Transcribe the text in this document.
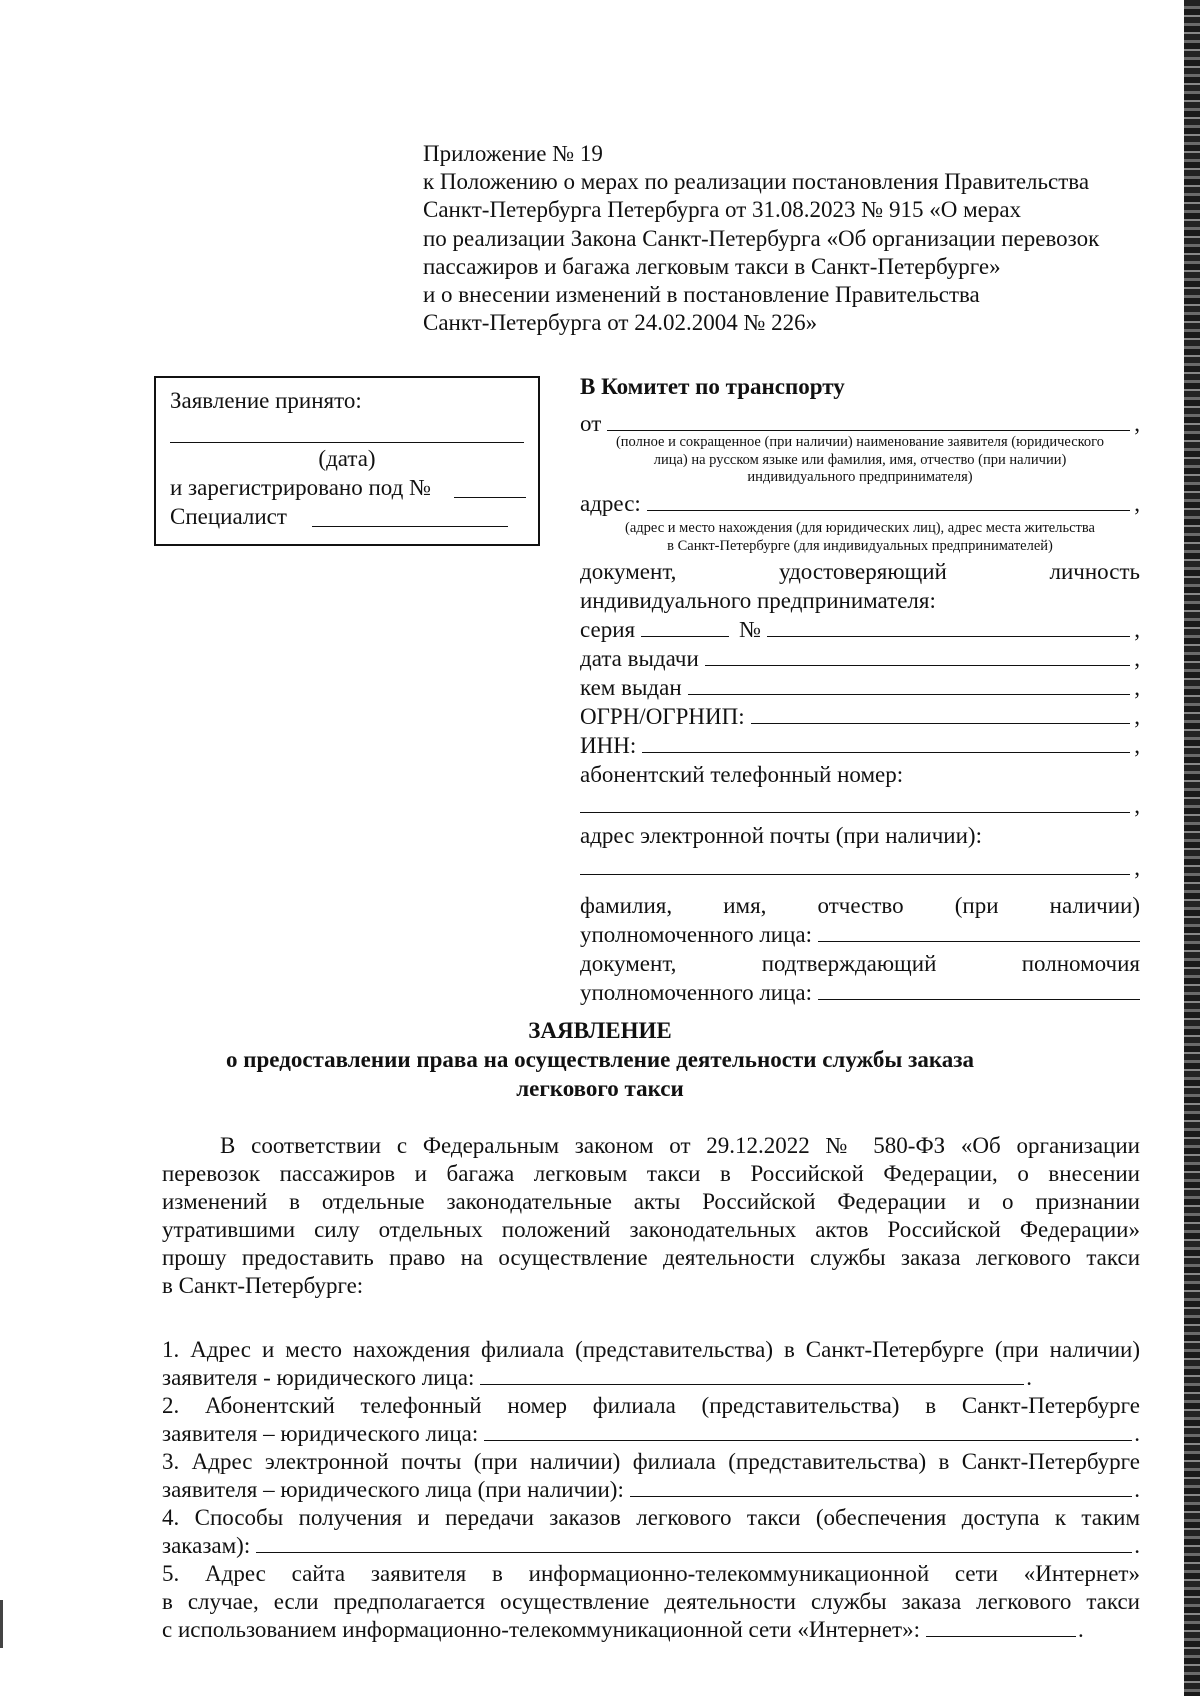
Приложение № 19
к Положению о мерах по реализации постановления Правительства
Санкт-Петербурга Петербурга от 31.08.2023 № 915 «О мерах
по реализации Закона Санкт-Петербурга «Об организации перевозок
пассажиров и багажа легковым такси в Санкт-Петербурге»
и о внесении изменений в постановление Правительства
Санкт-Петербурга от 24.02.2004 № 226»
Заявление принято:
(дата)
и зарегистрировано под №
Специалист
В Комитет по транспорту
от	,
(полное и сокращенное (при наличии) наименование заявителя (юридического
лица) на русском языке или фамилия, имя, отчество (при наличии)
индивидуального предпринимателя)
адрес:	,
(адрес и место нахождения (для юридических лиц), адрес места жительства
в Санкт-Петербурге (для индивидуальных предпринимателей)
документ,	удостоверяющий	личность
индивидуального предпринимателя:
серия	№	,
дата выдачи	,
кем выдан	,
ОГРН/ОГРНИП:	,
ИНН:	,
абонентский телефонный номер:
,
адрес электронной почты (при наличии):
,
фамилия, имя, отчество (при наличии)
уполномоченного лица:
документ,	подтверждающий	полномочия
уполномоченного лица:
ЗАЯВЛЕНИЕ
о предоставлении права на осуществление деятельности службы заказа
легкового такси
В соответствии с Федеральным законом от 29.12.2022 № 580-ФЗ «Об организации
перевозок пассажиров и багажа легковым такси в Российской Федерации, о внесении
изменений в отдельные законодательные акты Российской Федерации и о признании
утратившими силу отдельных положений законодательных актов Российской Федерации»
прошу предоставить право на осуществление деятельности службы заказа легкового такси
в Санкт-Петербурге:
1. Адрес и место нахождения филиала (представительства) в Санкт-Петербурге (при наличии)
заявителя - юридического лица:	.
2. Абонентский телефонный номер филиала (представительства) в Санкт-Петербурге
заявителя – юридического лица:	.
3. Адрес электронной почты (при наличии) филиала (представительства) в Санкт-Петербурге
заявителя – юридического лица (при наличии):	.
4. Способы получения и передачи заказов легкового такси (обеспечения доступа к таким
заказам):	.
5. Адрес сайта заявителя в информационно-телекоммуникационной сети «Интернет»
в случае, если предполагается осуществление деятельности службы заказа легкового такси
с использованием информационно-телекоммуникационной сети «Интернет»:	.
